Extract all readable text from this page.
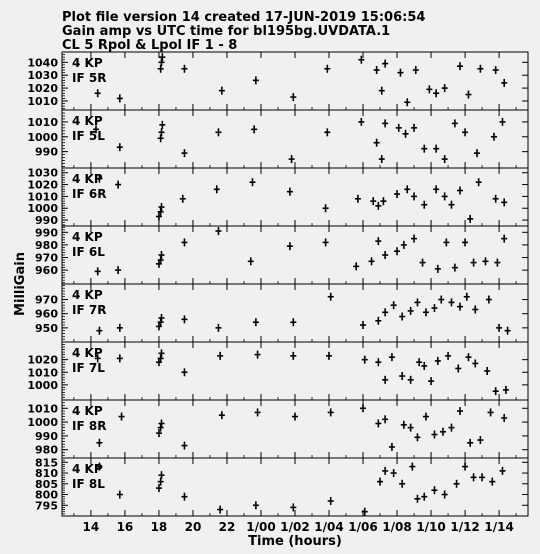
Plot file version 14 created 17-JUN-2019 15:06:54
Gain amp vs UTC time for bl195bg.UVDATA.1
CL 5 Rpol & Lpol IF 1 - 8
1010
1020
1030
1040 4 KP
IF 5R
990
1000
1010 4 KP
IF 5L
990
1000
1010
1020
1030 4 KP
IF 6R
960
970
980
990 4 KP
IF 6L
950
960
970 4 KP
IF 7R
1000
1010
1020
4 KP
IF 7L
980
990
1000
1010 4 KP
IF 8R
795
800
805
810
815 4 KP
IF 8L
14 16 18 20 22 1/00 1/02 1/04 1/06 1/08 1/10 1/12 1/14
Time (hours)
MilliGain
